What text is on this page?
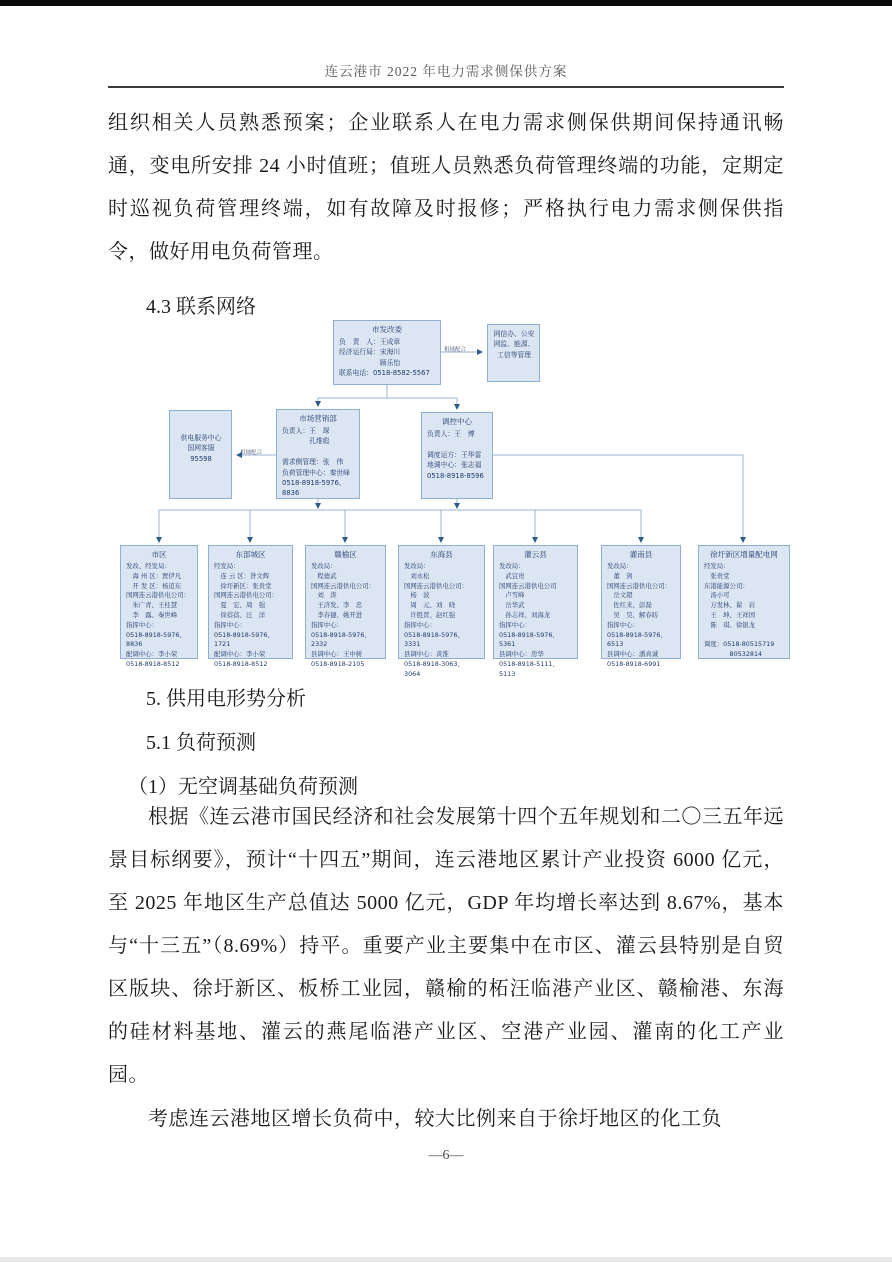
连云港市 2022 年电力需求侧保供方案
组织相关人员熟悉预案；企业联系人在电力需求侧保供期间保持通讯畅通，变电所安排 24 小时值班；值班人员熟悉负荷管理终端的功能，定期定时巡视负荷管理终端，如有故障及时报修；严格执行电力需求侧保供指令，做好用电负荷管理。
4.3 联系网络
相辅配合
相辅配合
市发改委
负　责　人：王成章
经济运行局：宋海川
　　　　　　顾乐怡
联系电话：0518-8582-5567
网信办、公安
网监、能源、
工信等管理
供电服务中心
国网客服
95598
市场营销部
负责人：王　琛
　　　　孔维彪
需求侧管理：张　伟
负荷管理中心：秦世峰
0518-8918-5976、8836
调控中心
负责人：王　博
调度运方：王华雷
地调中心：张志福
0518-8918-8596
市区
发改、经发局：
　海 州 区：贾伊凡
　开 发 区：杨迢东
国网连云港供电公司：
　朱广青、王桂慧
　李　露、秦世峰
指挥中心：
0518-8918-5976、8836
配调中心：李小荣
0518-8918-8512
东部城区
经发局：
　连 云 区：昝文辉
　徐圩新区：张贵堂
国网连云港供电公司：
　夏　宏、周　强
　徐蓓蓓、汪　洋
指挥中心：
0518-8918-5976、1721
配调中心：李小荣
0518-8918-8512
赣榆区
发改局：
　程德武
国网连云港供电公司：
　刘　涛
　王济发、李　忠
　李春捷、姚开进
指挥中心：
0518-8918-5976、2332
县调中心：王中树
0518-8918-2105
东海县
发改局：
　刘永松
国网连云港供电公司：
　杨　波
　周　元、刘　晓
　许胜贤、赵红强
指挥中心：
0518-8918-5976、3331
县调中心：黄淮
0518-8918-3063、3064
灌云县
发改局：
　武宜贵
国网连云港供电公司
　卢雪峰
　岳华武
　孙志祥、刘海龙
指挥中心：
0518-8918-5976、5361
县调中心：房华
0518-8918-5111、5113
灌南县
发改局：
　董　剑
国网连云港供电公司：
　岳文超
　佐红来、彭磊
　吴　昊、解春昉
指挥中心：
0518-8918-5976、6513
县调中心：潘真诚
0518-8918-6991
徐圩新区增量配电网
经发局：
　张贵堂
东港能源公司：
　汤小可
　万发林、翟　岩
　王　坤、王祥国
　陈　琪、徐银龙
调度：0518-80515719
　　　　80532814
5. 供用电形势分析
5.1 负荷预测
（1）无空调基础负荷预测
根据《连云港市国民经济和社会发展第十四个五年规划和二〇三五年远景目标纲要》，预计“十四五”期间，连云港地区累计产业投资 6000 亿元，至 2025 年地区生产总值达 5000 亿元，GDP 年均增长率达到 8.67%，基本与“十三五”（8.69%）持平。重要产业主要集中在市区、灌云县特别是自贸区版块、徐圩新区、板桥工业园，赣榆的柘汪临港产业区、赣榆港、东海的硅材料基地、灌云的燕尾临港产业区、空港产业园、灌南的化工产业园。
考虑连云港地区增长负荷中，较大比例来自于徐圩地区的化工负
—6—
